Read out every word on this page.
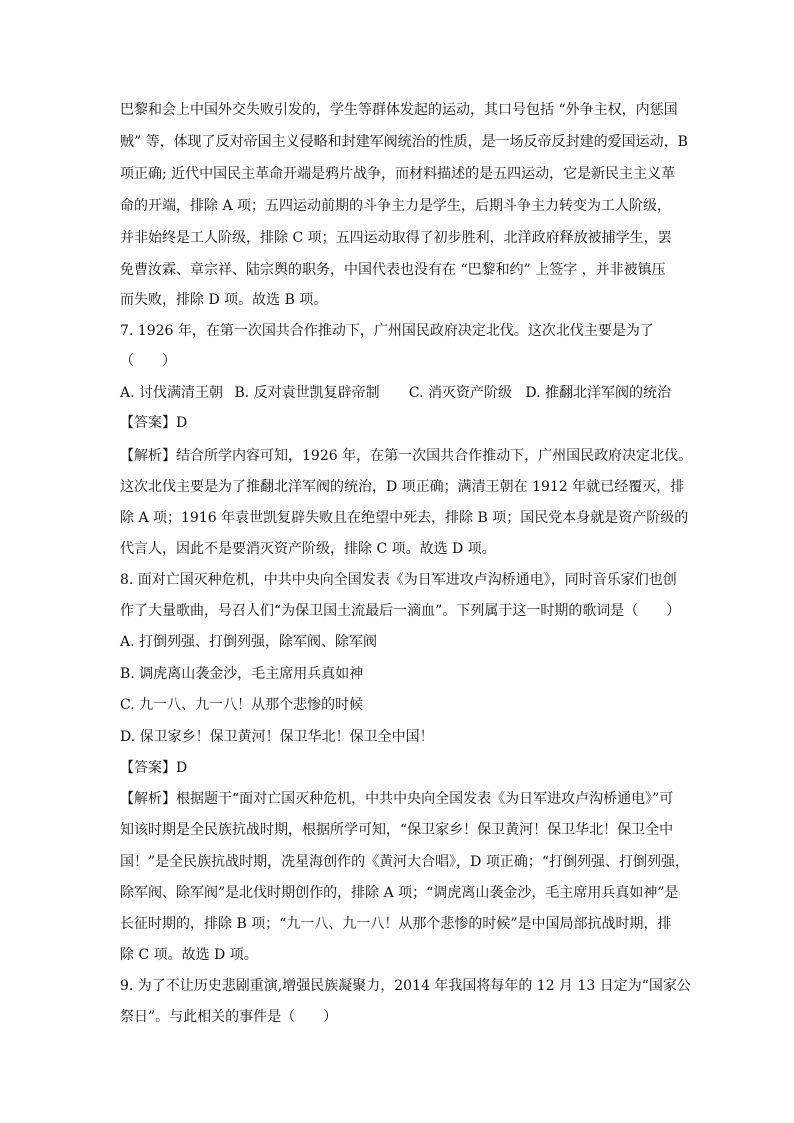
巴黎和会上中国外交失败引发的，学生等群体发起的运动，其口号包括 “外争主权，内惩国
贼” 等，体现了反对帝国主义侵略和封建军阀统治的性质，是一场反帝反封建的爱国运动，B
项正确; 近代中国民主革命开端是鸦片战争，而材料描述的是五四运动，它是新民主主义革
命的开端，排除 A 项；五四运动前期的斗争主力是学生，后期斗争主力转变为工人阶级，
并非始终是工人阶级，排除 C 项；五四运动取得了初步胜利，北洋政府释放被捕学生，罢
免曹汝霖、章宗祥、陆宗舆的职务，中国代表也没有在 “巴黎和约” 上签字 ，并非被镇压
而失败，排除 D 项。故选 B 项。
7. 1926 年，在第一次国共合作推动下，广州国民政府决定北伐。这次北伐主要是为了
（　　）
A. 讨伐满清王朝 B. 反对袁世凯复辟帝制 C. 消灭资产阶级 D. 推翻北洋军阀的统治
【答案】D
【解析】结合所学内容可知，1926 年，在第一次国共合作推动下，广州国民政府决定北伐。
这次北伐主要是为了推翻北洋军阀的统治，D 项正确；满清王朝在 1912 年就已经覆灭，排
除 A 项；1916 年袁世凯复辟失败且在绝望中死去，排除 B 项；国民党本身就是资产阶级的
代言人，因此不是要消灭资产阶级，排除 C 项。故选 D 项。
8. 面对亡国灭种危机，中共中央向全国发表《为日军进攻卢沟桥通电》，同时音乐家们也创
作了大量歌曲，号召人们“为保卫国土流最后一滴血”。下列属于这一时期的歌词是（　　）
A. 打倒列强、打倒列强，除军阀、除军阀
B. 调虎离山袭金沙，毛主席用兵真如神
C. 九一八、九一八！从那个悲惨的时候
D. 保卫家乡！保卫黄河！保卫华北！保卫全中国！
【答案】D
【解析】根据题干“面对亡国灭种危机，中共中央向全国发表《为日军进攻卢沟桥通电》”可
知该时期是全民族抗战时期，根据所学可知，“保卫家乡！保卫黄河！保卫华北！保卫全中
国！”是全民族抗战时期，冼星海创作的《黄河大合唱》，D 项正确；“打倒列强、打倒列强，
除军阀、除军阀”是北伐时期创作的，排除 A 项；“调虎离山袭金沙，毛主席用兵真如神”是
长征时期的，排除 B 项；“九一八、九一八！从那个悲惨的时候”是中国局部抗战时期，排
除 C 项。故选 D 项。
9. 为了不让历史悲剧重演,增强民族凝聚力，2014 年我国将每年的 12 月 13 日定为“国家公
祭日”。与此相关的事件是（　　）
